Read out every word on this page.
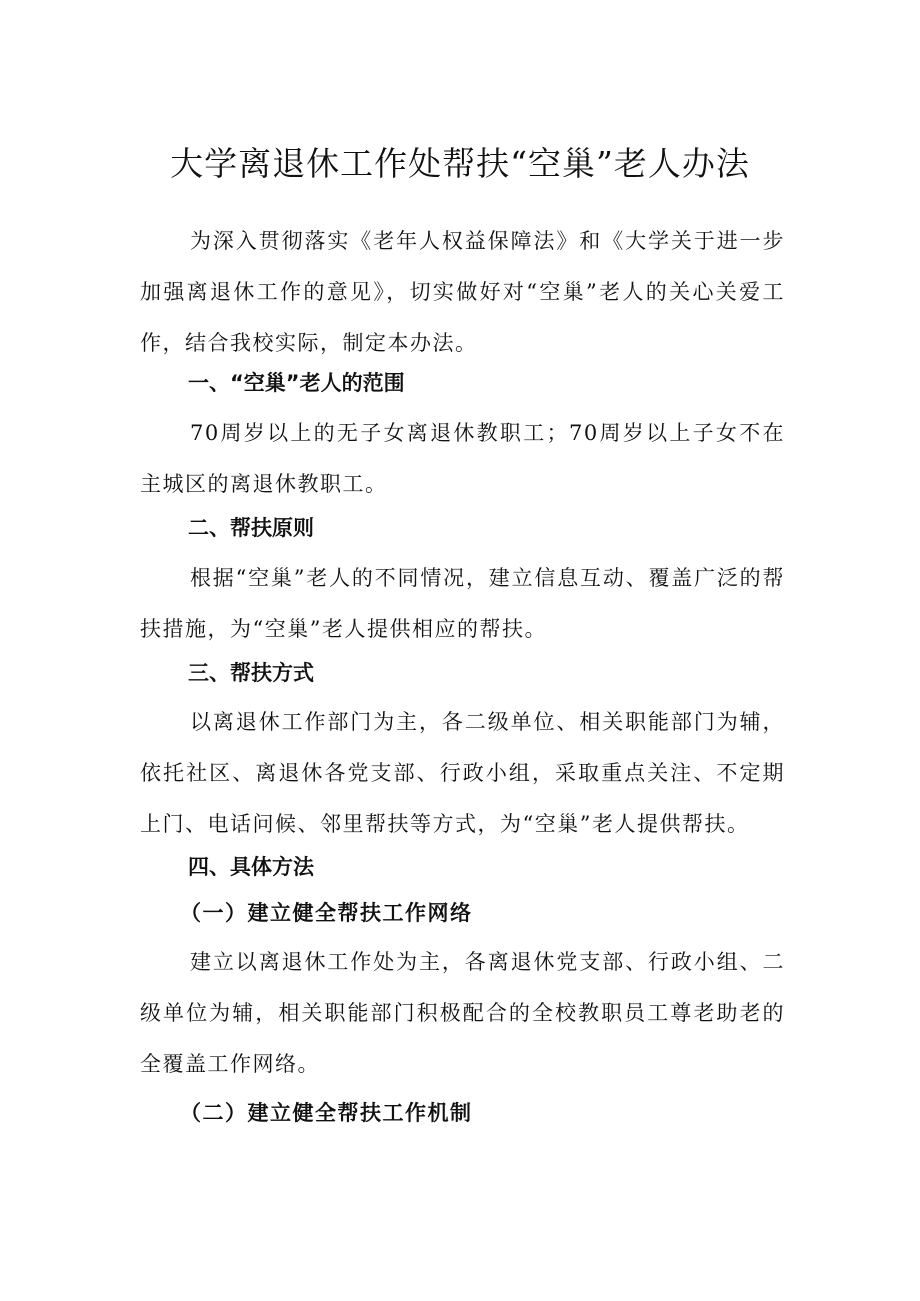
大学离退休工作处帮扶“空巢”老人办法

为深入贯彻落实《老年人权益保障法》和《大学关于进一步加强离退休工作的意见》，切实做好对“空巢”老人的关心关爱工作，结合我校实际，制定本办法。

一、“空巢”老人的范围

70周岁以上的无子女离退休教职工；70周岁以上子女不在主城区的离退休教职工。

二、帮扶原则

根据“空巢”老人的不同情况，建立信息互动、覆盖广泛的帮扶措施，为“空巢”老人提供相应的帮扶。

三、帮扶方式

以离退休工作部门为主，各二级单位、相关职能部门为辅，依托社区、离退休各党支部、行政小组，采取重点关注、不定期上门、电话问候、邻里帮扶等方式，为“空巢”老人提供帮扶。

四、具体方法
（一）建立健全帮扶工作网络

建立以离退休工作处为主，各离退休党支部、行政小组、二级单位为辅，相关职能部门积极配合的全校教职员工尊老助老的全覆盖工作网络。

（二）建立健全帮扶工作机制
